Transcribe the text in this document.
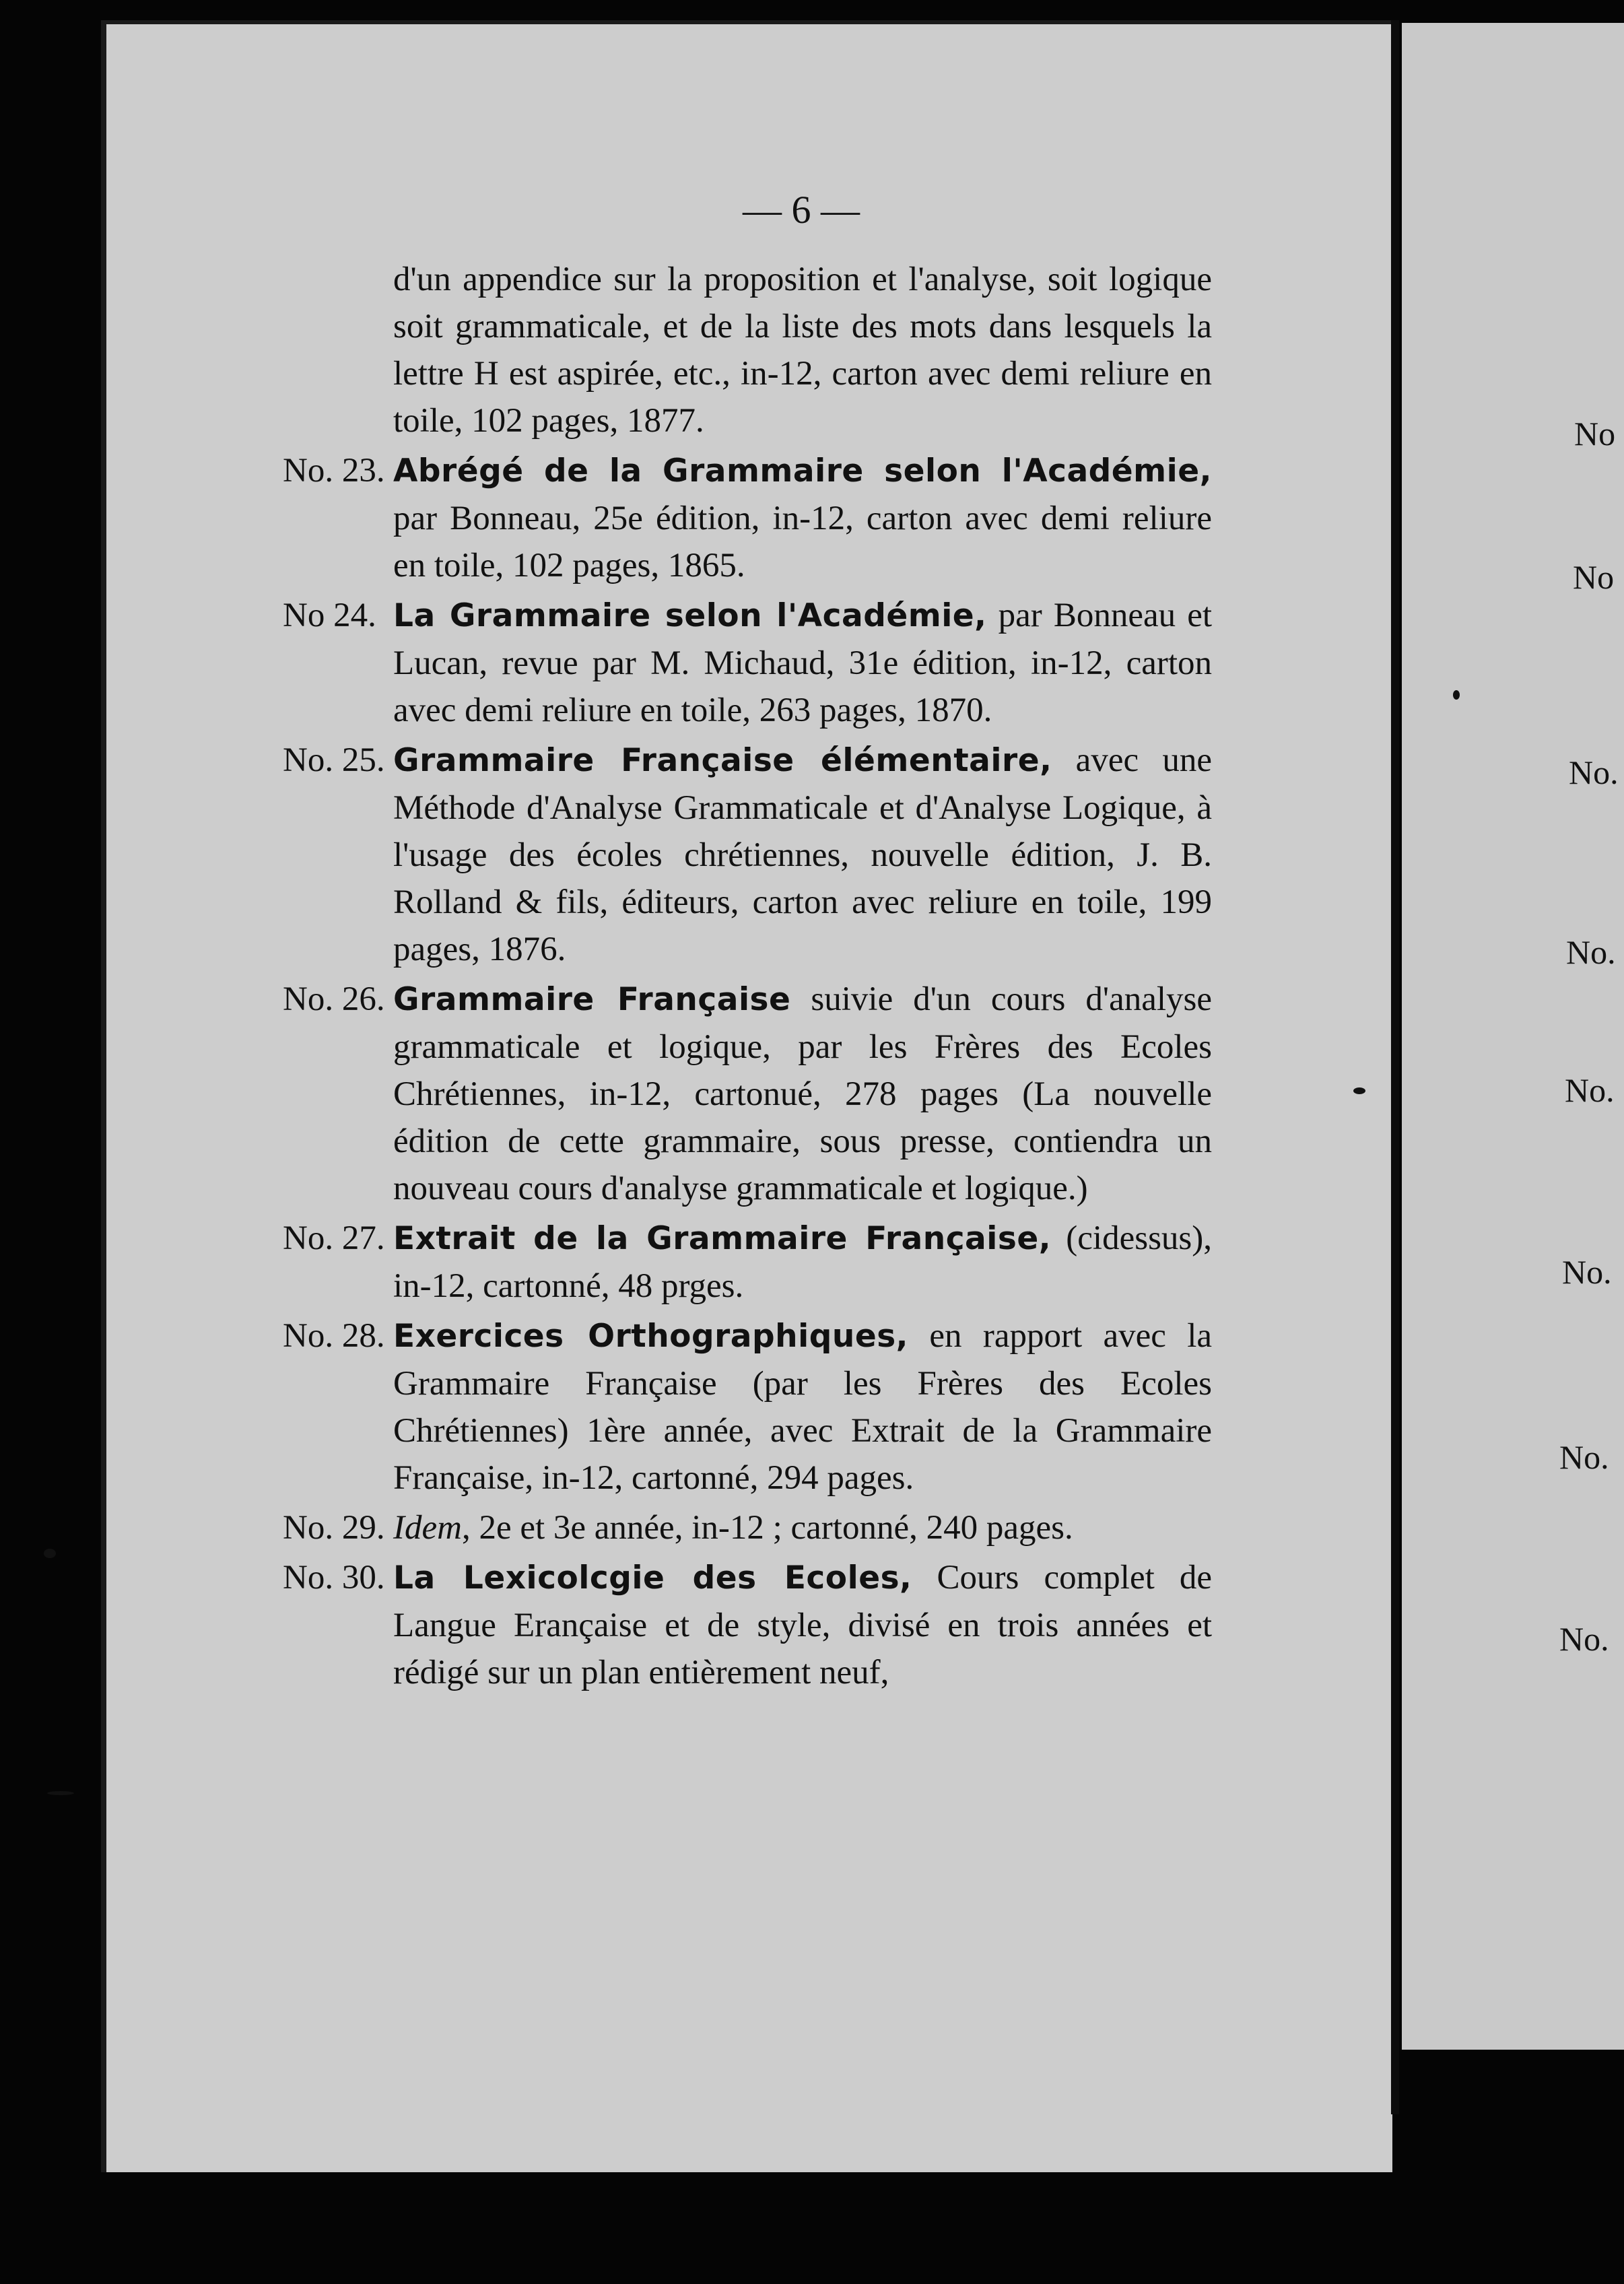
— 6 —
d'un appendice sur la proposition et l'analyse, soit logique soit grammaticale, et de la liste des mots dans lesquels la lettre H est aspirée, etc., in-12, carton avec demi reliure en toile, 102 pages, 1877.
No. 23. Abrégé de la Grammaire selon l'Académie, par Bonneau, 25e édition, in-12, carton avec demi reliure en toile, 102 pages, 1865.
No 24. La Grammaire selon l'Académie, par Bonneau et Lucan, revue par M. Michaud, 31e édition, in-12, carton avec demi reliure en toile, 263 pages, 1870.
No. 25. Grammaire Française élémentaire, avec une Méthode d'Analyse Grammaticale et d'Analyse Logique, à l'usage des écoles chrétiennes, nouvelle édition, J. B. Rolland & fils, éditeurs, carton avec reliure en toile, 199 pages, 1876.
No. 26. Grammaire Française suivie d'un cours d'analyse grammaticale et logique, par les Frères des Ecoles Chrétiennes, in-12, cartonué, 278 pages (La nouvelle édition de cette grammaire, sous presse, contiendra un nouveau cours d'analyse grammaticale et logique.)
No. 27. Extrait de la Grammaire Française, (cidessus), in-12, cartonné, 48 prges.
No. 28. Exercices Orthographiques, en rapport avec la Grammaire Française (par les Frères des Ecoles Chrétiennes) 1ère année, avec Extrait de la Grammaire Française, in-12, cartonné, 294 pages.
No. 29. Idem, 2e et 3e année, in-12 ; cartonné, 240 pages.
No. 30. La Lexicolcgie des Ecoles, Cours complet de Langue Erançaise et de style, divisé en trois années et rédigé sur un plan entièrement neuf,
No
No
No.
No.
No.
No.
No.
No.
